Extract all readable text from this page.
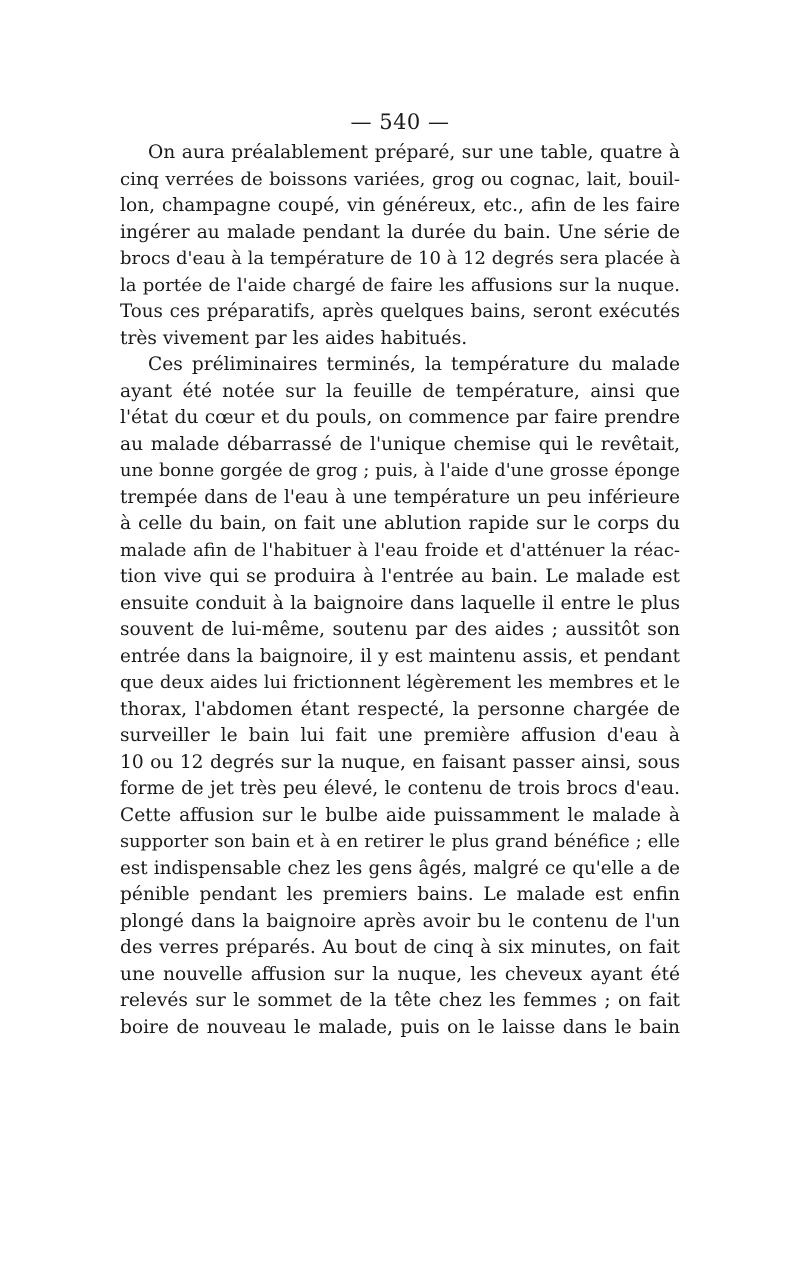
— 540 —
On aura préalablement préparé, sur une table, quatre à
cinq verrées de boissons variées, grog ou cognac, lait, bouil-
lon, champagne coupé, vin généreux, etc., afin de les faire
ingérer au malade pendant la durée du bain. Une série de
brocs d'eau à la température de 10 à 12 degrés sera placée à
la portée de l'aide chargé de faire les affusions sur la nuque.
Tous ces préparatifs, après quelques bains, seront exécutés
très vivement par les aides habitués.
Ces préliminaires terminés, la température du malade
ayant été notée sur la feuille de température, ainsi que
l'état du cœur et du pouls, on commence par faire prendre
au malade débarrassé de l'unique chemise qui le revêtait,
une bonne gorgée de grog ; puis, à l'aide d'une grosse éponge
trempée dans de l'eau à une température un peu inférieure
à celle du bain, on fait une ablution rapide sur le corps du
malade afin de l'habituer à l'eau froide et d'atténuer la réac-
tion vive qui se produira à l'entrée au bain. Le malade est
ensuite conduit à la baignoire dans laquelle il entre le plus
souvent de lui-même, soutenu par des aides ; aussitôt son
entrée dans la baignoire, il y est maintenu assis, et pendant
que deux aides lui frictionnent légèrement les membres et le
thorax, l'abdomen étant respecté, la personne chargée de
surveiller le bain lui fait une première affusion d'eau à
10 ou 12 degrés sur la nuque, en faisant passer ainsi, sous
forme de jet très peu élevé, le contenu de trois brocs d'eau.
Cette affusion sur le bulbe aide puissamment le malade à
supporter son bain et à en retirer le plus grand bénéfice ; elle
est indispensable chez les gens âgés, malgré ce qu'elle a de
pénible pendant les premiers bains. Le malade est enfin
plongé dans la baignoire après avoir bu le contenu de l'un
des verres préparés. Au bout de cinq à six minutes, on fait
une nouvelle affusion sur la nuque, les cheveux ayant été
relevés sur le sommet de la tête chez les femmes ; on fait
boire de nouveau le malade, puis on le laisse dans le bain
